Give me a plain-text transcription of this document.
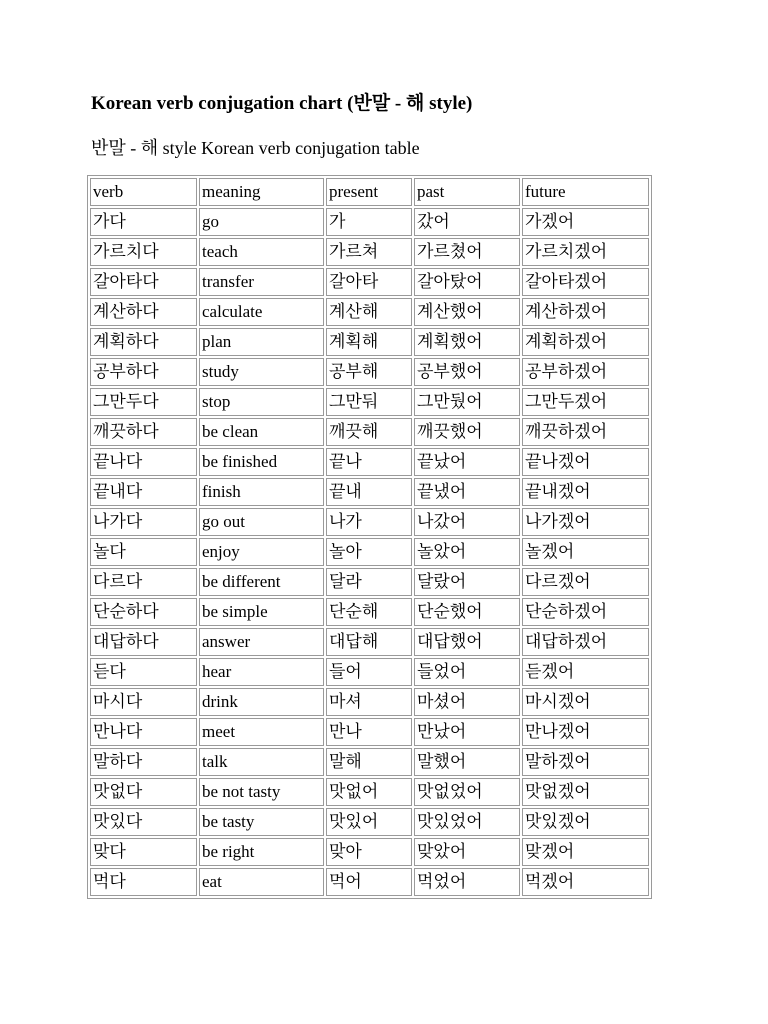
Korean verb conjugation chart (반말 - 해 style)

반말 - 해 style Korean verb conjugation table

verb	meaning	present	past	future
가다	go	가	갔어	가겠어
가르치다	teach	가르쳐	가르쳤어	가르치겠어
갈아타다	transfer	갈아타	갈아탔어	갈아타겠어
계산하다	calculate	계산해	계산했어	계산하겠어
계획하다	plan	계획해	계획했어	계획하겠어
공부하다	study	공부해	공부했어	공부하겠어
그만두다	stop	그만둬	그만뒀어	그만두겠어
깨끗하다	be clean	깨끗해	깨끗했어	깨끗하겠어
끝나다	be finished	끝나	끝났어	끝나겠어
끝내다	finish	끝내	끝냈어	끝내겠어
나가다	go out	나가	나갔어	나가겠어
놀다	enjoy	놀아	놀았어	놀겠어
다르다	be different	달라	달랐어	다르겠어
단순하다	be simple	단순해	단순했어	단순하겠어
대답하다	answer	대답해	대답했어	대답하겠어
듣다	hear	들어	들었어	듣겠어
마시다	drink	마셔	마셨어	마시겠어
만나다	meet	만나	만났어	만나겠어
말하다	talk	말해	말했어	말하겠어
맛없다	be not tasty	맛없어	맛없었어	맛없겠어
맛있다	be tasty	맛있어	맛있었어	맛있겠어
맞다	be right	맞아	맞았어	맞겠어
먹다	eat	먹어	먹었어	먹겠어
